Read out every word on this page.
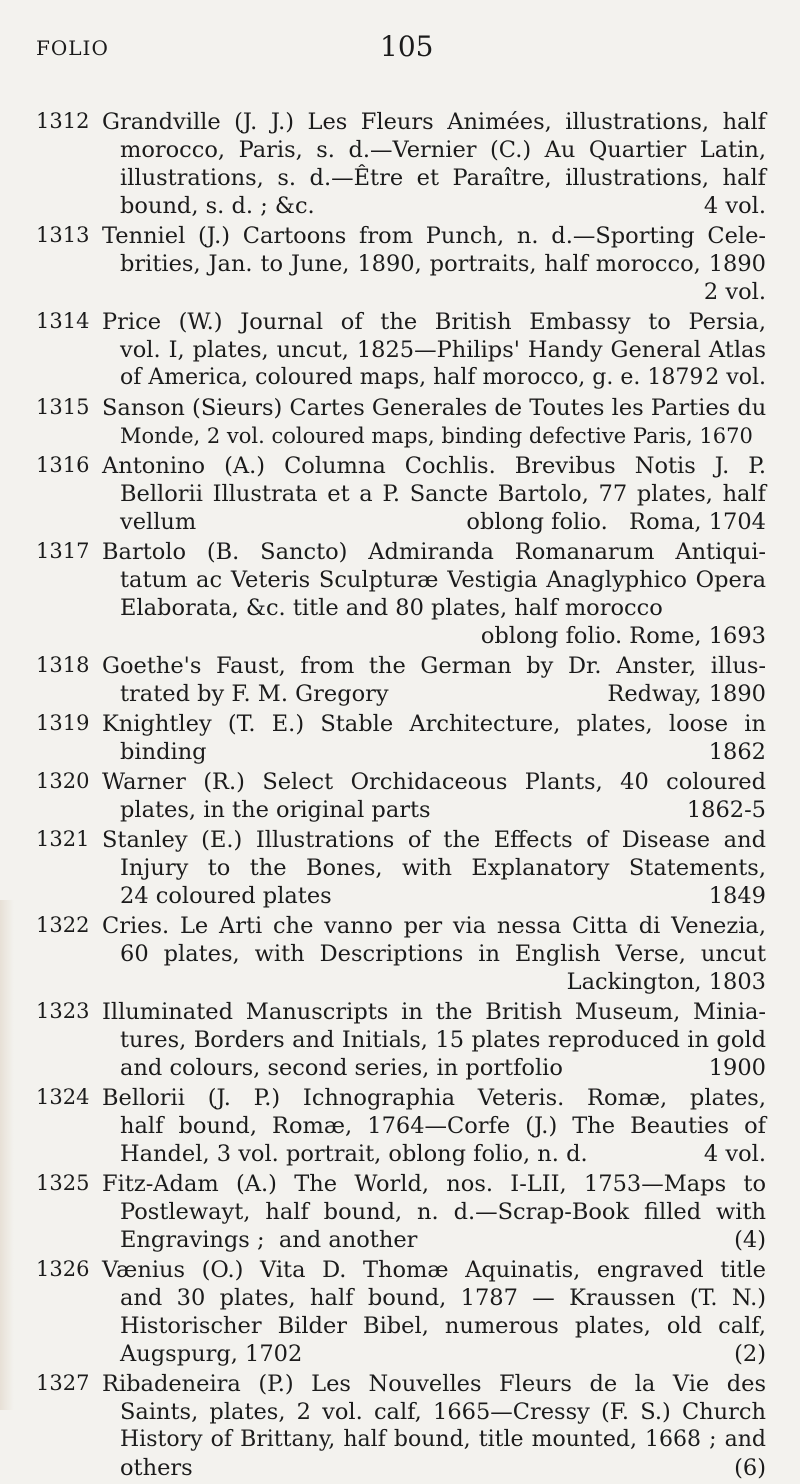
FOLIO	105
1312 Grandville (J. J.) Les Fleurs Animées, illustrations, half
morocco, Paris, s. d.—Vernier (C.) Au Quartier Latin,
illustrations, s. d.—Être et Paraître, illustrations, half
bound, s. d. ; &c.	4 vol.
1313 Tenniel (J.) Cartoons from Punch, n. d.—Sporting Cele-
brities, Jan. to June, 1890, portraits, half morocco, 1890
2 vol.
1314 Price (W.) Journal of the British Embassy to Persia,
vol. I, plates, uncut, 1825—Philips' Handy General Atlas
of America, coloured maps, half morocco, g. e. 1879 2 vol.
1315 Sanson (Sieurs) Cartes Generales de Toutes les Parties du
Monde, 2 vol. coloured maps, binding defective Paris, 1670
1316 Antonino (A.) Columna Cochlis. Brevibus Notis J. P.
Bellorii Illustrata et a P. Sancte Bartolo, 77 plates, half
vellum	oblong folio.   Roma, 1704
1317 Bartolo (B. Sancto) Admiranda Romanarum Antiqui-
tatum ac Veteris Sculpturæ Vestigia Anaglyphico Opera
Elaborata, &c. title and 80 plates, half morocco
oblong folio. Rome, 1693
1318 Goethe's Faust, from the German by Dr. Anster, illus-
trated by F. M. Gregory	Redway, 1890
1319 Knightley (T. E.) Stable Architecture, plates, loose in
binding	1862
1320 Warner (R.) Select Orchidaceous Plants, 40 coloured
plates, in the original parts	1862-5
1321 Stanley (E.) Illustrations of the Effects of Disease and
Injury to the Bones, with Explanatory Statements,
24 coloured plates	1849
1322 Cries. Le Arti che vanno per via nessa Citta di Venezia,
60 plates, with Descriptions in English Verse, uncut
Lackington, 1803
1323 Illuminated Manuscripts in the British Museum, Minia-
tures, Borders and Initials, 15 plates reproduced in gold
and colours, second series, in portfolio	1900
1324 Bellorii (J. P.) Ichnographia Veteris. Romæ, plates,
half bound, Romæ, 1764—Corfe (J.) The Beauties of
Handel, 3 vol. portrait, oblong folio, n. d.	4 vol.
1325 Fitz-Adam (A.) The World, nos. I-LII, 1753—Maps to
Postlewayt, half bound, n. d.—Scrap-Book filled with
Engravings ;  and another	(4)
1326 Vænius (O.) Vita D. Thomæ Aquinatis, engraved title
and 30 plates, half bound, 1787 — Kraussen (T. N.)
Historischer Bilder Bibel, numerous plates, old calf,
Augspurg, 1702	(2)
1327 Ribadeneira (P.) Les Nouvelles Fleurs de la Vie des
Saints, plates, 2 vol. calf, 1665—Cressy (F. S.) Church
History of Brittany, half bound, title mounted, 1668 ; and
others	(6)
